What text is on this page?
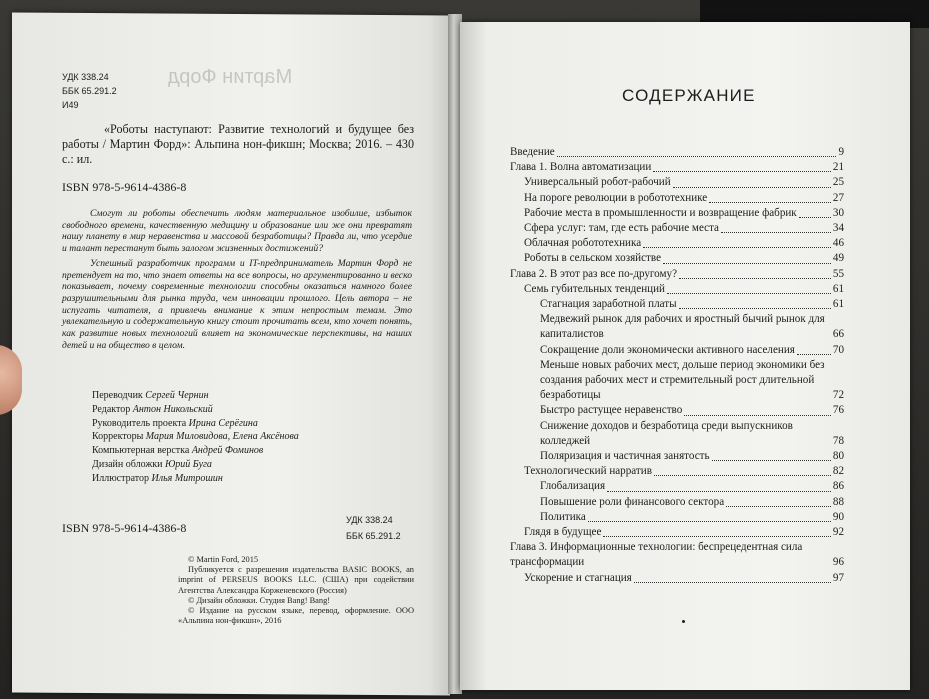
Мартин Форд
УДК 338.24
ББК 65.291.2
И49
«Роботы наступают: Развитие технологий и будущее без работы / Мартин Форд»: Альпина нон-фикшн; Москва; 2016. – 430 с.: ил.
ISBN 978-5-9614-4386-8

Смогут ли роботы обеспечить людям материальное изобилие, избыток свободного времени, качественную медицину и образование или же они превратят нашу планету в мир неравенства и массовой безработицы? Правда ли, что усердие и талант перестанут быть залогом жизненных достижений?

Успешный разработчик программ и IT-предприниматель Мартин Форд не претендует на то, что знает ответы на все вопросы, но аргументированно и веско показывает, почему современные технологии способны оказаться намного более разрушительными для рынка труда, чем инновации прошлого. Цель автора – не испугать читателя, а привлечь внимание к этим непростым темам. Это увлекательную и содержательную книгу стоит прочитать всем, кто хочет понять, как развитие новых технологий влияет на экономические перспективы, на наших детей и на общество в целом.

Переводчик Сергей Чернин
Редактор Антон Никольский
Руководитель проекта Ирина Серёгина
Корректоры Мария Миловидова, Елена Аксёнова
Компьютерная верстка Андрей Фоминов
Дизайн обложки Юрий Буга
Иллюстратор Илья Митрошин
ISBN 978-5-9614-4386-8
УДК 338.24
ББК 65.291.2
© Martin Ford, 2015
Публикуется с разрешения издательства BASIC BOOKS, an imprint of PERSEUS BOOKS LLC. (США) при содействии Агентства Александра Корженевского (Россия)
© Дизайн обложки. Студия Bang! Bang!
© Издание на русском языке, перевод, оформление. ООО «Альпина нон-фикшн», 2016
СОДЕРЖАНИЕ
Введение	9
Глава 1. Волна автоматизации	21
Универсальный робот-рабочий	25
На пороге революции в робототехнике	27
Рабочие места в промышленности и возвращение фабрик	30
Сфера услуг: там, где есть рабочие места	34
Облачная робототехника	46
Роботы в сельском хозяйстве	49
Глава 2. В этот раз все по-другому?	55
Семь губительных тенденций	61
Стагнация заработной платы	61
Медвежий рынок для рабочих и яростный бычий рынок для капиталистов	66
Сокращение доли экономически активного населения	70
Меньше новых рабочих мест, дольше период экономики без создания рабочих мест и стремительный рост длительной безработицы	72
Быстро растущее неравенство	76
Снижение доходов и безработица среди выпускников колледжей	78
Поляризация и частичная занятость	80
Технологический нарратив	82
Глобализация	86
Повышение роли финансового сектора	88
Политика	90
Глядя в будущее	92
Глава 3. Информационные технологии: беспрецедентная сила трансформации	96
Ускорение и стагнация	97
